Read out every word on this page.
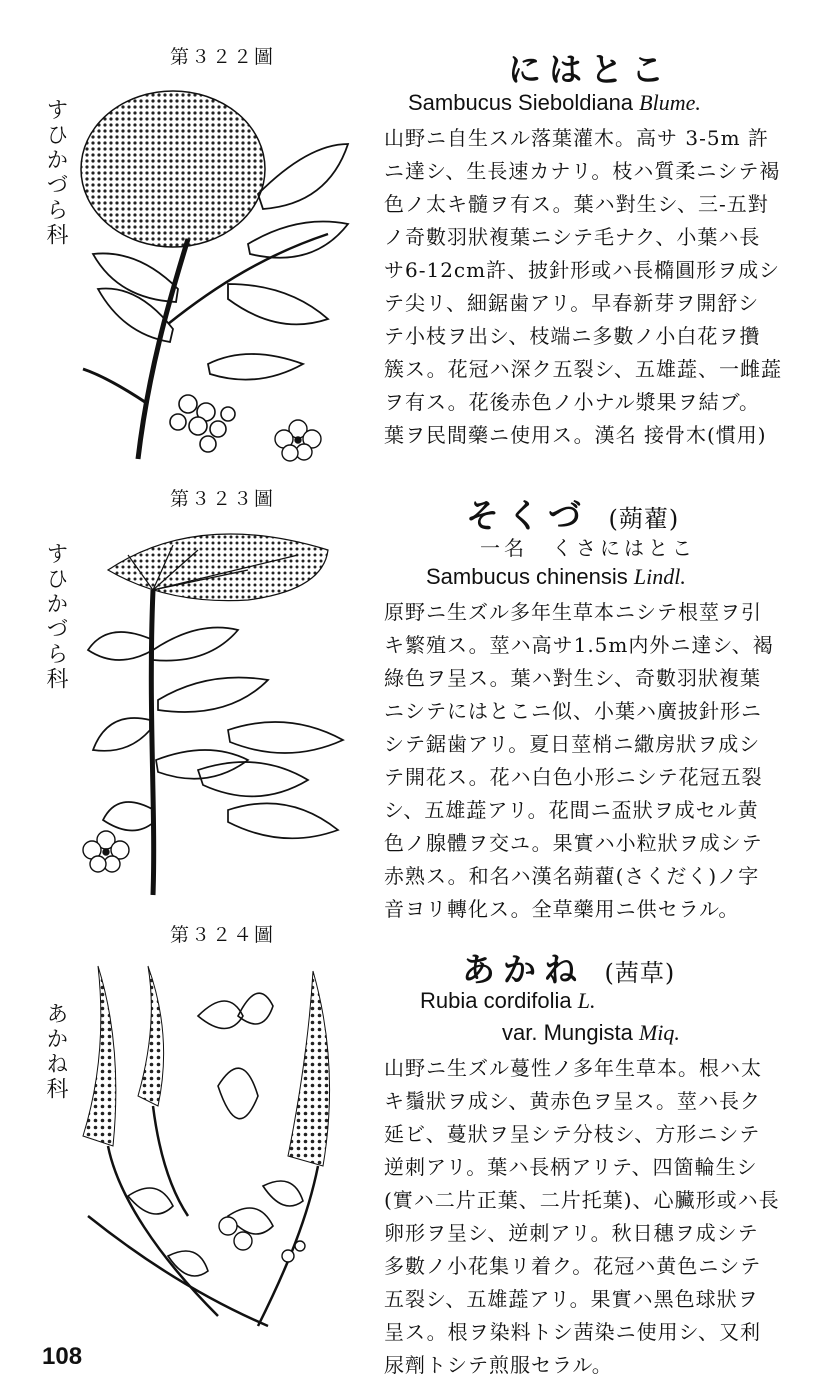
第３２２圖
すひかづら科
にはとこ
Sambucus Sieboldiana Blume.
山野ニ自生スル落葉灌木。高サ 3-5m 許
ニ達シ、生長速カナリ。枝ハ質柔ニシテ褐
色ノ太キ髓ヲ有ス。葉ハ對生シ、三-五對
ノ奇數羽狀複葉ニシテ毛ナク、小葉ハ長
サ6-12cm許、披針形或ハ長橢圓形ヲ成シ
テ尖リ、細鋸歯アリ。早春新芽ヲ開舒シ
テ小枝ヲ出シ、枝端ニ多數ノ小白花ヲ攢
簇ス。花冠ハ深ク五裂シ、五雄蕋、一雌蕋
ヲ有ス。花後赤色ノ小ナル漿果ヲ結ブ。
葉ヲ民間藥ニ使用ス。漢名 接骨木(慣用)
第３２３圖
すひかづら科
そくづ (蒴藋)
一名　くさにはとこ
Sambucus chinensis Lindl.
原野ニ生ズル多年生草本ニシテ根莖ヲ引
キ繁殖ス。莖ハ高サ1.5m内外ニ達シ、褐
綠色ヲ呈ス。葉ハ對生シ、奇數羽狀複葉
ニシテにはとこニ似、小葉ハ廣披針形ニ
シテ鋸歯アリ。夏日莖梢ニ繖房狀ヲ成シ
テ開花ス。花ハ白色小形ニシテ花冠五裂
シ、五雄蕋アリ。花間ニ盃狀ヲ成セル黄
色ノ腺體ヲ交ユ。果實ハ小粒狀ヲ成シテ
赤熟ス。和名ハ漢名蒴藋(さくだく)ノ字
音ヨリ轉化ス。全草藥用ニ供セラル。
第３２４圖
あかね科
あかね (茜草)
Rubia cordifolia L.
var. Mungista Miq.
山野ニ生ズル蔓性ノ多年生草本。根ハ太
キ鬚狀ヲ成シ、黄赤色ヲ呈ス。莖ハ長ク
延ビ、蔓狀ヲ呈シテ分枝シ、方形ニシテ
逆刺アリ。葉ハ長柄アリテ、四箇輪生シ
(實ハ二片正葉、二片托葉)、心臟形或ハ長
卵形ヲ呈シ、逆刺アリ。秋日穗ヲ成シテ
多數ノ小花集リ着ク。花冠ハ黄色ニシテ
五裂シ、五雄蕋アリ。果實ハ黑色球狀ヲ
呈ス。根ヲ染料トシ茜染ニ使用シ、又利
尿劑トシテ煎服セラル。
108
